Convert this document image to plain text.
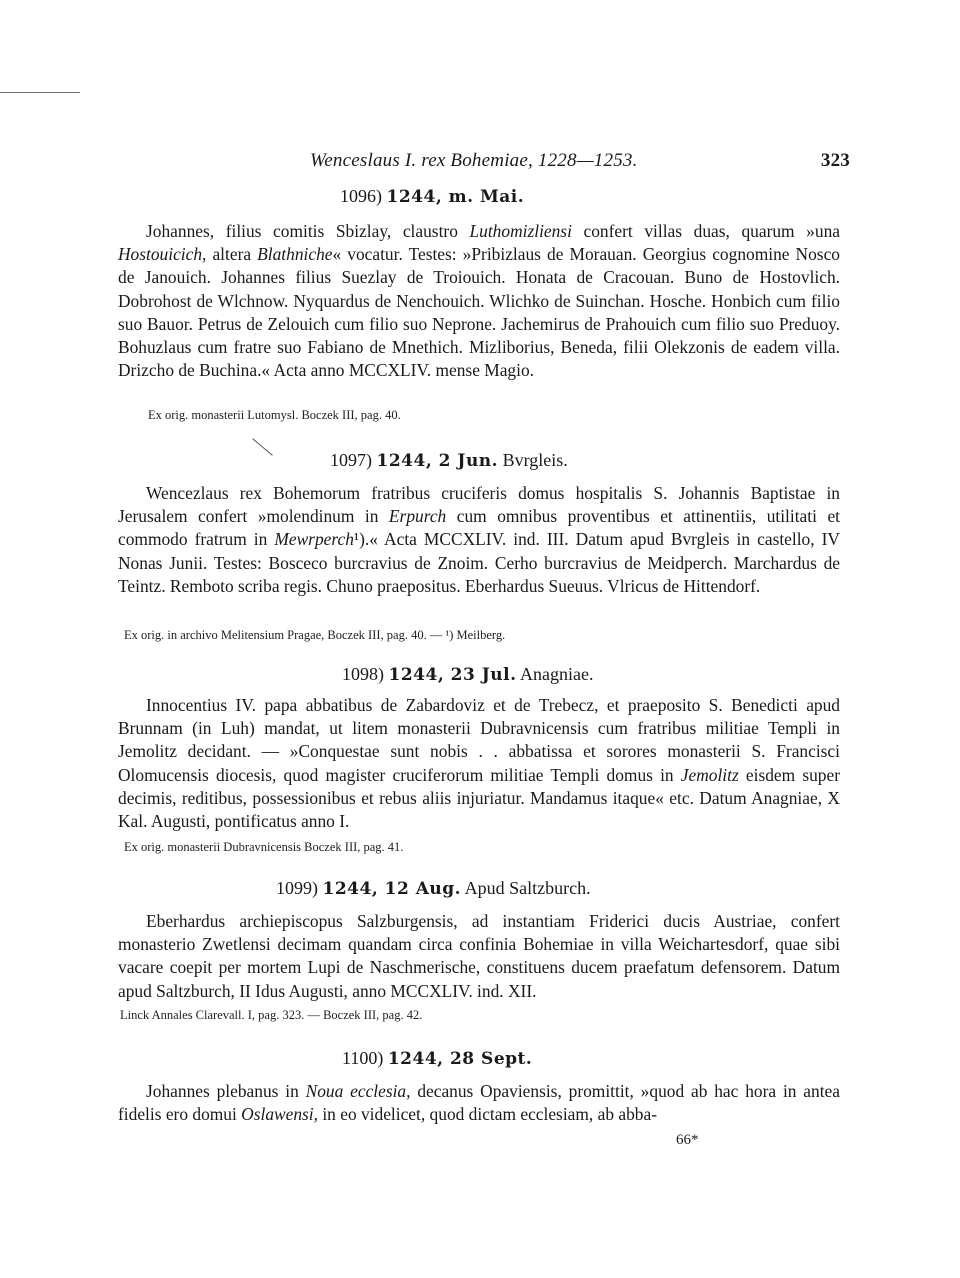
Wenceslaus I. rex Bohemiae, 1228—1253.	323
1096) 1244, m. Mai.

Johannes, filius comitis Sbizlay, claustro Luthomizliensi confert villas duas, quarum »una Hostouicich, altera Blathniche« vocatur. Testes: »Pribizlaus de Morauan. Georgius cognomine Nosco de Janouich. Johannes filius Suezlay de Troiouich. Honata de Cracouan. Buno de Hostovlich. Dobrohost de Wlchnow. Nyquardus de Nenchouich. Wlichko de Suinchan. Hosche. Honbich cum filio suo Bauor. Petrus de Zelouich cum filio suo Neprone. Jachemirus de Prahouich cum filio suo Preduoy. Bohuzlaus cum fratre suo Fabiano de Mnethich. Mizliborius, Beneda, filii Olekzonis de eadem villa. Drizcho de Buchina.« Acta anno MCCXLIV. mense Magio.

Ex orig. monasterii Lutomysl. Boczek III, pag. 40.
1097) 1244, 2 Jun. Bvrgleis.

Wencezlaus rex Bohemorum fratribus cruciferis domus hospitalis S. Johannis Baptistae in Jerusalem confert »molendinum in Erpurch cum omnibus proventibus et attinentiis, utilitati et commodo fratrum in Mewrperch¹).« Acta MCCXLIV. ind. III. Datum apud Bvrgleis in castello, IV Nonas Junii. Testes: Bosceco burcravius de Znoim. Cerho burcravius de Meidperch. Marchardus de Teintz. Remboto scriba regis. Chuno praepositus. Eberhardus Sueuus. Vlricus de Hittendorf.

Ex orig. in archivo Melitensium Pragae, Boczek III, pag. 40. — ¹) Meilberg.
1098) 1244, 23 Jul. Anagniae.

Innocentius IV. papa abbatibus de Zabardoviz et de Trebecz, et praeposito S. Benedicti apud Brunnam (in Luh) mandat, ut litem monasterii Dubravnicensis cum fratribus militiae Templi in Jemolitz decidant. — »Conquestae sunt nobis . . abbatissa et sorores monasterii S. Francisci Olomucensis diocesis, quod magister cruciferorum militiae Templi domus in Jemolitz eisdem super decimis, reditibus, possessionibus et rebus aliis injuriatur. Mandamus itaque« etc. Datum Anagniae, X Kal. Augusti, pontificatus anno I.

Ex orig. monasterii Dubravnicensis Boczek III, pag. 41.
1099) 1244, 12 Aug. Apud Saltzburch.

Eberhardus archiepiscopus Salzburgensis, ad instantiam Friderici ducis Austriae, confert monasterio Zwetlensi decimam quandam circa confinia Bohemiae in villa Weichartesdorf, quae sibi vacare coepit per mortem Lupi de Naschmerische, constituens ducem praefatum defensorem. Datum apud Saltzburch, II Idus Augusti, anno MCCXLIV. ind. XII.

Linck Annales Clarevall. I, pag. 323. — Boczek III, pag. 42.
1100) 1244, 28 Sept.

Johannes plebanus in Noua ecclesia, decanus Opaviensis, promittit, »quod ab hac hora in antea fidelis ero domui Oslawensi, in eo videlicet, quod dictam ecclesiam, ab abba-

66*
